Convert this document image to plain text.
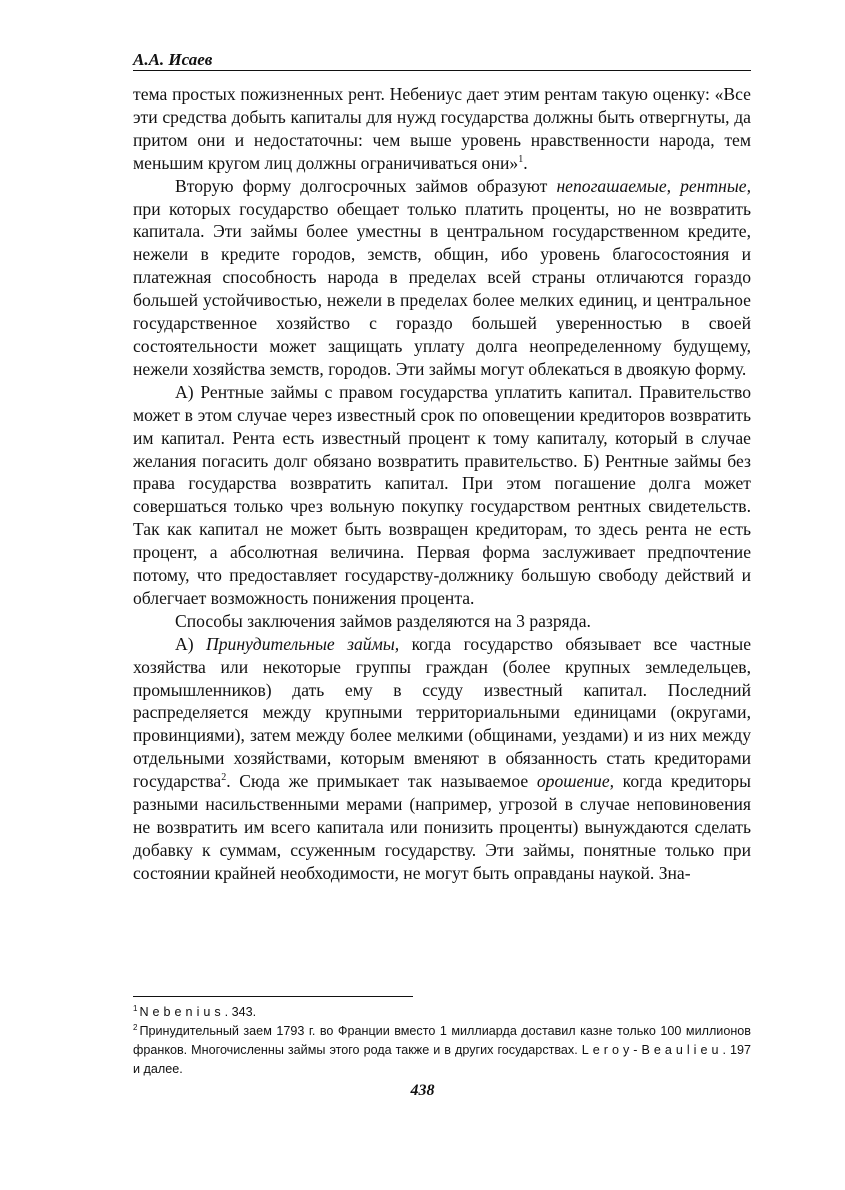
А.А. Исаев

тема простых пожизненных рент. Небениус дает этим рентам такую оценку: «Все эти средства добыть капиталы для нужд государства должны быть отвергнуты, да притом они и недостаточны: чем выше уровень нравственности народа, тем меньшим кругом лиц должны ограничиваться они»$^1$.

Вторую форму долгосрочных займов образуют непогашаемые, рентные, при которых государство обещает только платить проценты, но не возвратить капитала. Эти займы более уместны в центральном государственном кредите, нежели в кредите городов, земств, общин, ибо уровень благосостояния и платежная способность народа в пределах всей страны отличаются гораздо большей устойчивостью, нежели в пределах более мелких единиц, и центральное государственное хозяйство с гораздо большей уверенностью в своей состоятельности может защищать уплату долга неопределенному будущему, нежели хозяйства земств, городов. Эти займы могут облекаться в двоякую форму.

А) Рентные займы с правом государства уплатить капитал. Правительство может в этом случае через известный срок по оповещении кредиторов возвратить им капитал. Рента есть известный процент к тому капиталу, который в случае желания погасить долг обязано возвратить правительство. Б) Рентные займы без права государства возвратить капитал. При этом погашение долга может совершаться только чрез вольную покупку государством рентных свидетельств. Так как капитал не может быть возвращен кредиторам, то здесь рента не есть процент, а абсолютная величина. Первая форма заслуживает предпочтение потому, что предоставляет государству-должнику большую свободу действий и облегчает возможность понижения процента.

Способы заключения займов разделяются на 3 разряда.

А) Принудительные займы, когда государство обязывает все частные хозяйства или некоторые группы граждан (более крупных земледельцев, промышленников) дать ему в ссуду известный капитал. Последний распределяется между крупными территориальными единицами (округами, провинциями), затем между более мелкими (общинами, уездами) и из них между отдельными хозяйствами, которым вменяют в обязанность стать кредиторами государства$^2$. Сюда же примыкает так называемое орошение, когда кредиторы разными насильственными мерами (например, угрозой в случае неповиновения не возвратить им всего капитала или понизить проценты) вынуждаются сделать добавку к суммам, ссуженным государству. Эти займы, понятные только при состоянии крайней необходимости, не могут быть оправданы наукой. Зна-

$^1$ Nebenius. 343.

$^2$ Принудительный заем 1793 г. во Франции вместо 1 миллиарда доставил казне только 100 миллионов франков. Многочисленны займы этого рода также и в других государствах. Leroy-Beaulieu. 197 и далее.

438
